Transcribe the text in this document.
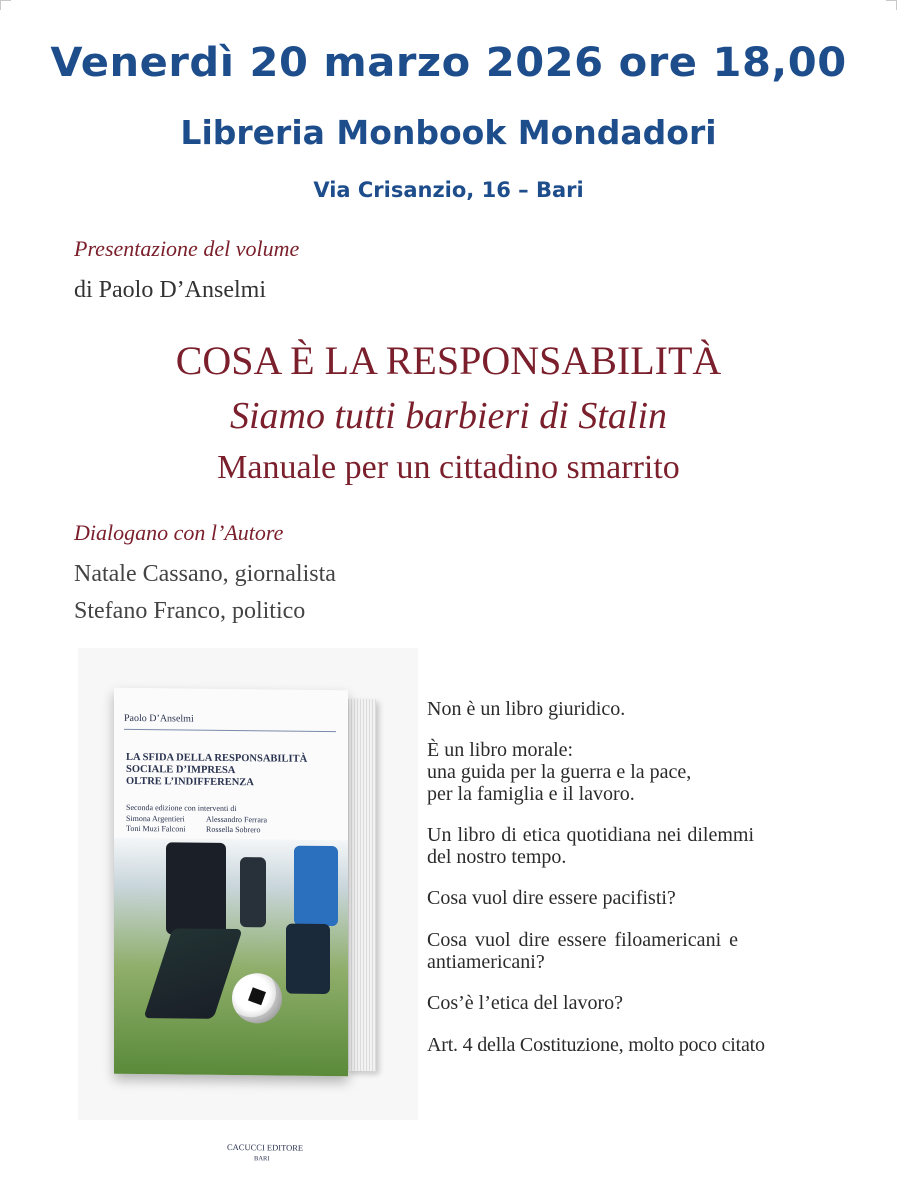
Venerdì 20 marzo 2026 ore 18,00
Libreria Monbook Mondadori
Via Crisanzio, 16 – Bari
Presentazione del volume
di Paolo D’Anselmi
COSA È LA RESPONSABILITÀ
Siamo tutti barbieri di Stalin
Manuale per un cittadino smarrito
Dialogano con l’Autore
Natale Cassano, giornalista
Stefano Franco, politico
Paolo D’Anselmi
LA SFIDA DELLA RESPONSABILITÀ
SOCIALE D’IMPRESA
OLTRE L’INDIFFERENZA
Seconda edizione con interventi di
Simona Argentieri	Alessandro Ferrara
Toni Muzi Falconi	Rossella Sobrero
CACUCCI EDITORE
BARI
Non è un libro giuridico.
È un libro morale:
una guida per la guerra e la pace,
per la famiglia e il lavoro.
Un libro di etica quotidiana nei dilemmi
del nostro tempo.
Cosa vuol dire essere pacifisti?
Cosa vuol dire essere filoamericani e
antiamericani?
Cos’è l’etica del lavoro?
Art. 4 della Costituzione, molto poco citato
